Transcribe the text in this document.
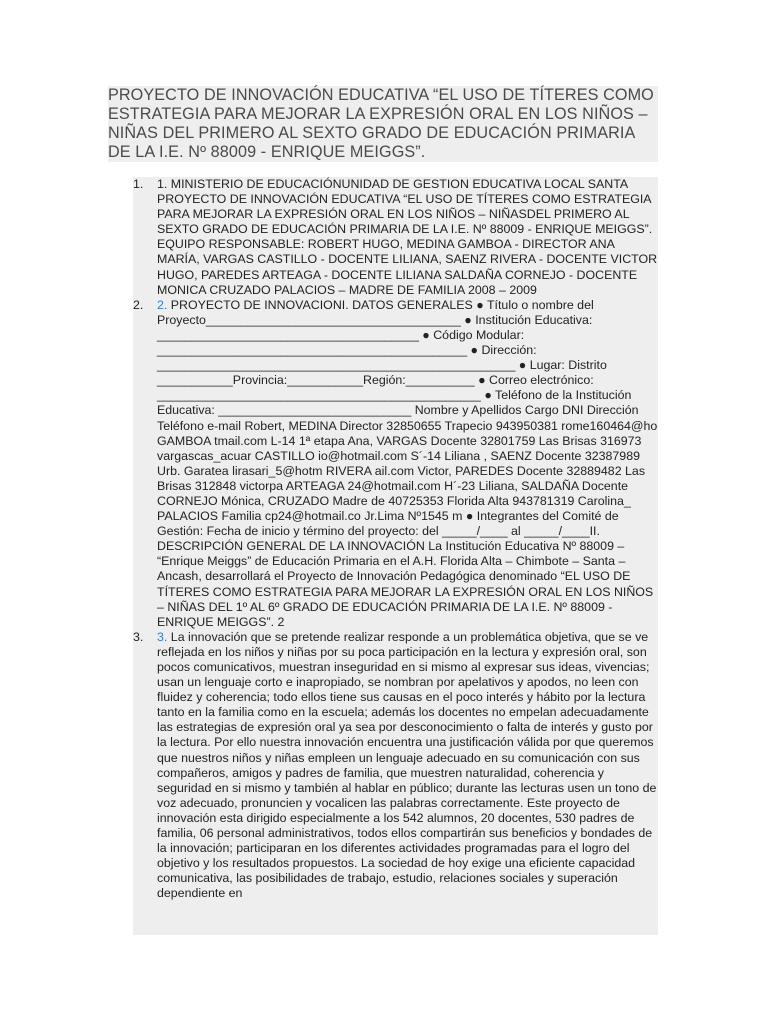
PROYECTO DE INNOVACIÓN EDUCATIVA “EL USO DE TÍTERES COMO ESTRATEGIA PARA MEJORAR LA EXPRESIÓN ORAL EN LOS NIÑOS – NIÑAS DEL PRIMERO AL SEXTO GRADO DE EDUCACIÓN PRIMARIA DE LA I.E. Nº 88009 - ENRIQUE MEIGGS”.
1. 1. MINISTERIO DE EDUCACIÓNUNIDAD DE GESTION EDUCATIVA LOCAL SANTA PROYECTO DE INNOVACIÓN EDUCATIVA “EL USO DE TÍTERES COMO ESTRATEGIA PARA MEJORAR LA EXPRESIÓN ORAL EN LOS NIÑOS – NIÑASDEL PRIMERO AL SEXTO GRADO DE EDUCACIÓN PRIMARIA DE LA I.E. Nº 88009 - ENRIQUE MEIGGS”. EQUIPO RESPONSABLE: ROBERT HUGO, MEDINA GAMBOA - DIRECTOR ANA MARÍA, VARGAS CASTILLO - DOCENTE LILIANA, SAENZ RIVERA - DOCENTE VICTOR HUGO, PAREDES ARTEAGA - DOCENTE LILIANA SALDAÑA CORNEJO - DOCENTE MONICA CRUZADO PALACIOS – MADRE DE FAMILIA 2008 – 2009
2. 2. PROYECTO DE INNOVACIONI. DATOS GENERALES ● Título o nombre del Proyecto_____________________________________ ● Institución Educativa: ______________________________________ ● Código Modular: _____________________________________________ ● Dirección: ____________________________________________________ ● Lugar: Distrito ___________Provincia:___________Región:__________ ● Correo electrónico: _______________________________________________ ● Teléfono de la Institución Educativa: ____________________________ Nombre y Apellidos Cargo DNI Dirección Teléfono e-mail Robert, MEDINA Director 32850655 Trapecio 943950381 rome160464@ho GAMBOA tmail.com L-14 1ª etapa Ana, VARGAS Docente 32801759 Las Brisas 316973 vargascas_acuar CASTILLO io@hotmail.com S´-14 Liliana , SAENZ Docente 32387989 Urb. Garatea lirasari_5@hotm RIVERA ail.com Victor, PAREDES Docente 32889482 Las Brisas 312848 victorpa ARTEAGA 24@hotmail.com H´-23 Liliana, SALDAÑA Docente CORNEJO Mónica, CRUZADO Madre de 40725353 Florida Alta 943781319 Carolina_ PALACIOS Familia cp24@hotmail.co Jr.Lima Nº1545 m ● Integrantes del Comité de Gestión: Fecha de inicio y término del proyecto: del _____/____ al _____/____II. DESCRIPCIÓN GENERAL DE LA INNOVACIÓN La Institución Educativa Nº 88009 – “Enrique Meiggs” de Educación Primaria en el A.H. Florida Alta – Chimbote – Santa – Ancash, desarrollará el Proyecto de Innovación Pedagógica denominado “EL USO DE TÍTERES COMO ESTRATEGIA PARA MEJORAR LA EXPRESIÓN ORAL EN LOS NIÑOS – NIÑAS DEL 1º AL 6º GRADO DE EDUCACIÓN PRIMARIA DE LA I.E. Nº 88009 - ENRIQUE MEIGGS”. 2
3. 3. La innovación que se pretende realizar responde a un problemática objetiva, que se ve reflejada en los niños y niñas por su poca participación en la lectura y expresión oral, son pocos comunicativos, muestran inseguridad en si mismo al expresar sus ideas, vivencias; usan un lenguaje corto e inapropiado, se nombran por apelativos y apodos, no leen con fluidez y coherencia; todo ellos tiene sus causas en el poco interés y hábito por la lectura tanto en la familia como en la escuela; además los docentes no empelan adecuadamente las estrategias de expresión oral ya sea por desconocimiento o falta de interés y gusto por la lectura. Por ello nuestra innovación encuentra una justificación válida por que queremos que nuestros niños y niñas empleen un lenguaje adecuado en su comunicación con sus compañeros, amigos y padres de familia, que muestren naturalidad, coherencia y seguridad en si mismo y también al hablar en público; durante las lecturas usen un tono de voz adecuado, pronuncien y vocalicen las palabras correctamente. Este proyecto de innovación esta dirigido especialmente a los 542 alumnos, 20 docentes, 530 padres de familia, 06 personal administrativos, todos ellos compartirán sus beneficios y bondades de la innovación; participaran en los diferentes actividades programadas para el logro del objetivo y los resultados propuestos. La sociedad de hoy exige una eficiente capacidad comunicativa, las posibilidades de trabajo, estudio, relaciones sociales y superación dependiente en
